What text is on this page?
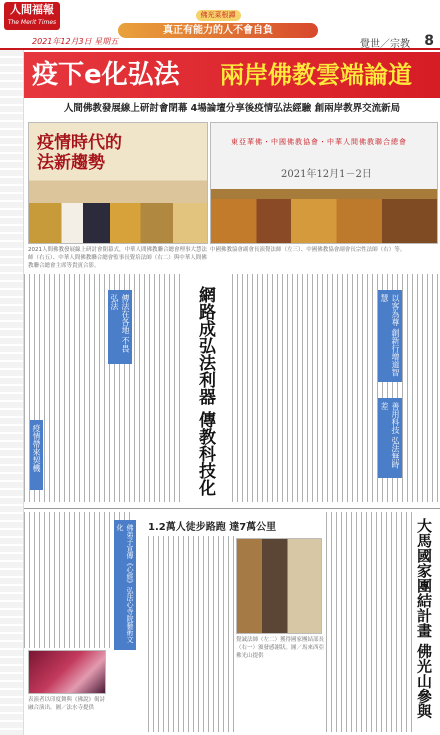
人間福報
The Merit Times
佛光菜根譚
真正有能力的人不會自負
2021年12月3日 星期五	覺世／宗教 8
疫下e化弘法 兩岸佛教雲端論道
人間佛教發展線上研討會閉幕 4場論壇分享後疫情弘法經驗 創兩岸教界交流新局
疫情時代的
法新趨勢
東亞華佛・中國佛教協會・中華人間佛教聯合總會
2021年12月1－2日
2021人間佛教發展線上研討會閉幕式，中華人間佛教聯合總會理事大慧法師（右五）、中華人間佛教聯合總會監事長覺培法師（右二）與中華人間佛教聯合總會主席等貴賓合影。
中國佛教協會副會長演覺法師（左三）、中國佛教協會副會長宗性法師（右）等。
網路成弘法利器 傳教科技化	以客為尊 創新行增道智慧
善用科技 弘法無時差
傳法在各地 不畏弘法
疫情帶來契機
佛弟子宣傳《心經》弘法心寺院藝術文化	1.2萬人徒步路跑 達7萬公里	大馬國家團結計畫 佛光山參與
表演者以印度舞與《佛說》偈詩融合演出。圖／法水寺提供
覺誠法師（左二）獲得國家團結部長（右一）頒發感謝狀。圖／馬來西亞佛光山提供
